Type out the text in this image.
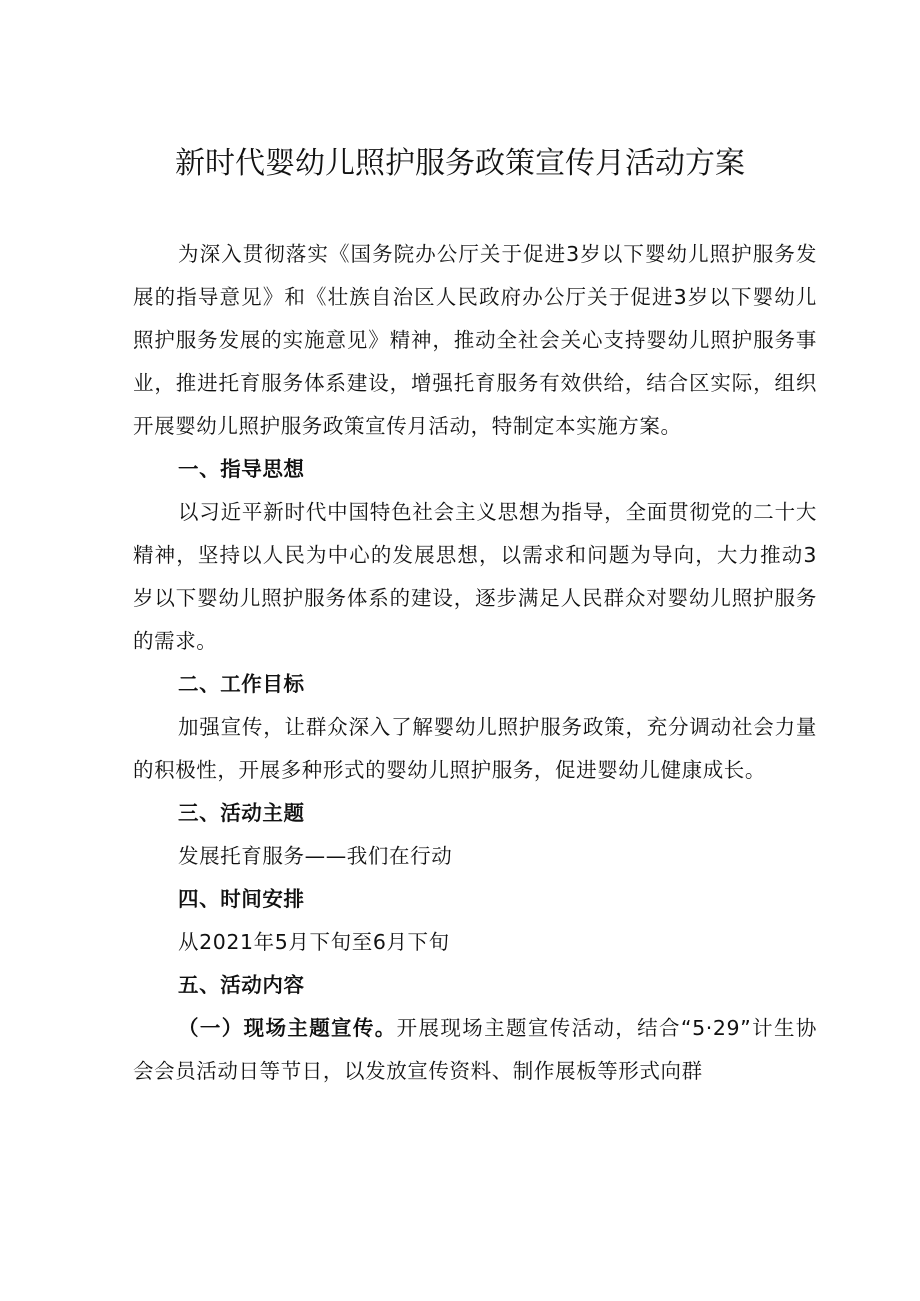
新时代婴幼儿照护服务政策宣传月活动方案

为深入贯彻落实《国务院办公厅关于促进3岁以下婴幼儿照护服务发展的指导意见》和《壮族自治区人民政府办公厅关于促进3岁以下婴幼儿照护服务发展的实施意见》精神，推动全社会关心支持婴幼儿照护服务事业，推进托育服务体系建设，增强托育服务有效供给，结合区实际，组织开展婴幼儿照护服务政策宣传月活动，特制定本实施方案。

一、指导思想

以习近平新时代中国特色社会主义思想为指导，全面贯彻党的二十大精神，坚持以人民为中心的发展思想，以需求和问题为导向，大力推动3岁以下婴幼儿照护服务体系的建设，逐步满足人民群众对婴幼儿照护服务的需求。

二、工作目标

加强宣传，让群众深入了解婴幼儿照护服务政策，充分调动社会力量的积极性，开展多种形式的婴幼儿照护服务，促进婴幼儿健康成长。

三、活动主题

发展托育服务——我们在行动

四、时间安排

从2021年5月下旬至6月下旬

五、活动内容

（一）现场主题宣传。开展现场主题宣传活动，结合“5·29”计生协会会员活动日等节日，以发放宣传资料、制作展板等形式向群
